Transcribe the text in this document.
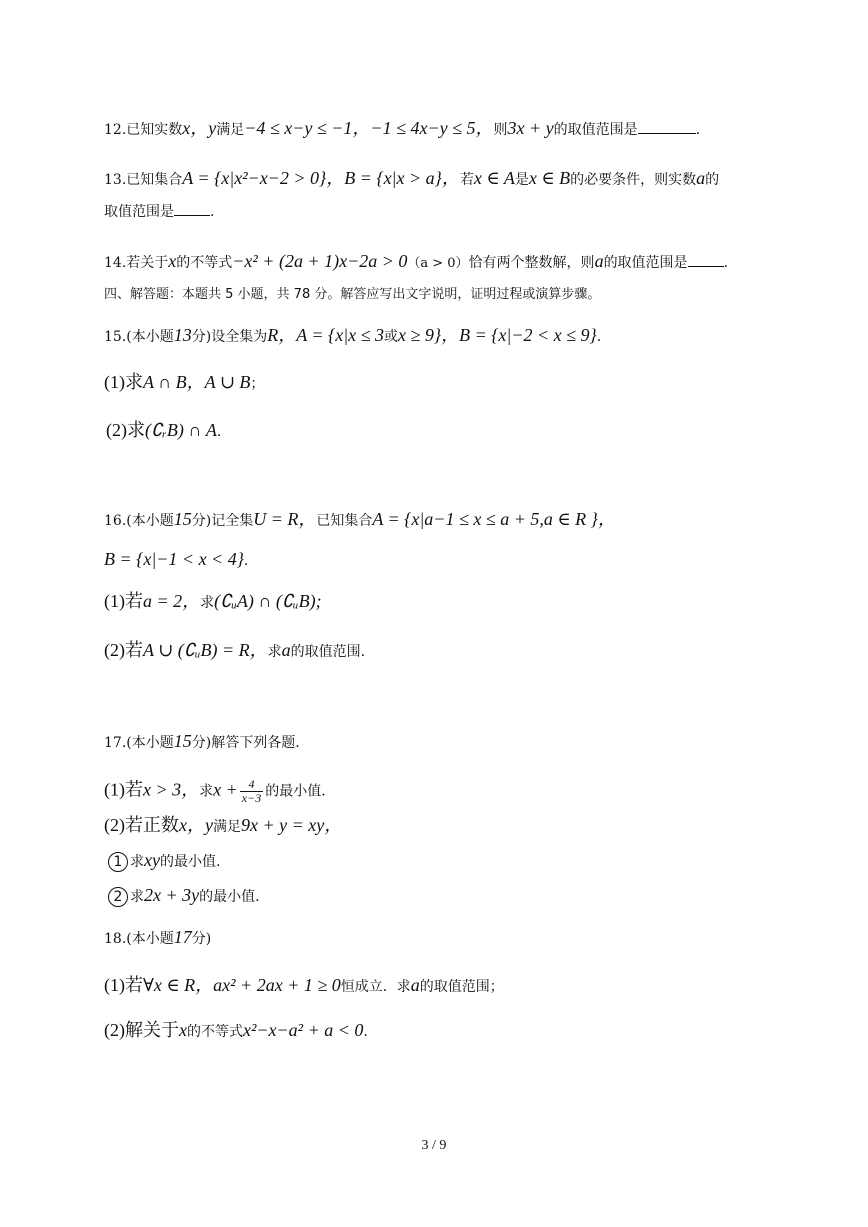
12.已知实数x，y满足−4 ≤ x−y ≤ −1，−1 ≤ 4x−y ≤ 5，则3x + y的取值范围是	.
13.已知集合A = {x|x²−x−2 > 0}，B = {x|x > a}，若x ∈ A是x ∈ B的必要条件，则实数a的
取值范围是	.
14.若关于x的不等式−x² + (2a + 1)x−2a > 0（a > 0）恰有两个整数解，则a的取值范围是	.
四、解答题：本题共 5 小题，共 78 分。解答应写出文字说明，证明过程或演算步骤。
15.(本小题13分)设全集为R，A = {x|x ≤ 3或x ≥ 9}，B = {x|−2 < x ≤ 9}.
(1)求A ∩ B，A ∪ B；
(2)求(∁ᵣB) ∩ A.
16.(本小题15分)记全集U = R，已知集合A = {x|a−1 ≤ x ≤ a + 5,a ∈ R }，
B = {x|−1 < x < 4}.
(1)若a = 2，求(∁ᵤA) ∩ (∁ᵤB);
(2)若A ∪ (∁ᵤB) = R，求a的取值范围.
17.(本小题15分)解答下列各题.
(1)若x > 3，求$x + \frac{4}{x-3}$ 的最小值.
(2)若正数x，y满足9x + y = xy，
1 求xy的最小值.
2 求2x + 3y的最小值.
18.(本小题17分)
(1)若∀x ∈ R，ax² + 2ax + 1 ≥ 0恒成立．求a的取值范围；
(2)解关于x的不等式x²−x−a² + a < 0.
3 / 9
